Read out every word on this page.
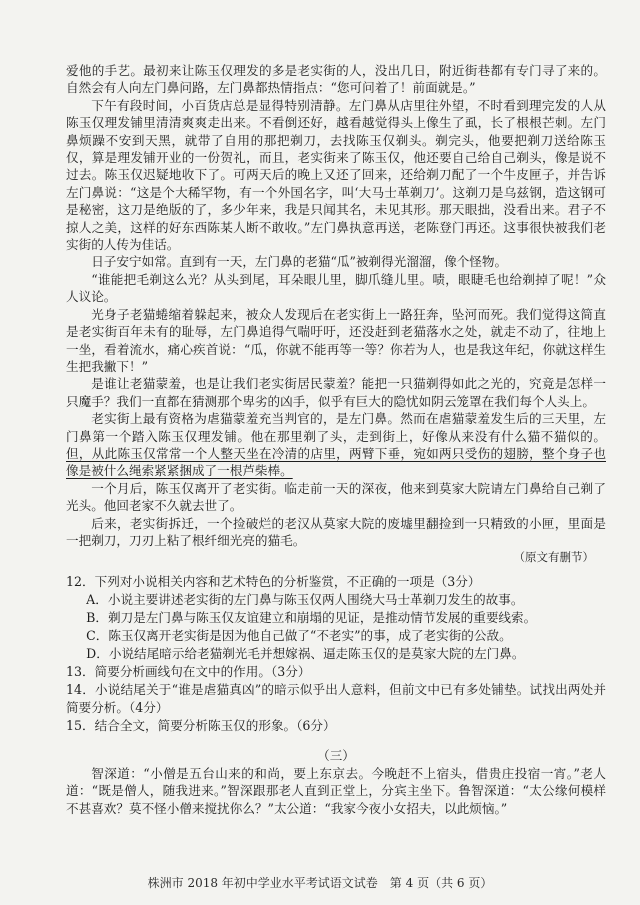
爱他的手艺。最初来让陈玉仅理发的多是老实街的人，没出几日，附近街巷都有专门寻了来的。自然会有人向左门鼻问路，左门鼻都热情指点：“您可问着了！前面就是。”

下午有段时间，小百货店总是显得特别清静。左门鼻从店里往外望，不时看到理完发的人从陈玉仅理发铺里清清爽爽走出来。不看倒还好，越看越觉得头上像生了虱，长了根根芒刺。左门鼻烦躁不安到天黑，就带了自用的那把剃刀，去找陈玉仅剃头。剃完头，他要把剃刀送给陈玉仅，算是理发铺开业的一份贺礼，而且，老实街来了陈玉仅，他还要自己给自己剃头，像是说不过去。陈玉仅迟疑地收下了。可两天后的晚上又还了回来，还给剃刀配了一个牛皮匣子，并告诉左门鼻说：“这是个大稀罕物，有一个外国名字，叫‘大马士革剃刀’。这剃刀是乌兹钢，造这钢可是秘密，这刀是绝版的了，多少年来，我是只闻其名，未见其形。那天眼拙，没看出来。君子不掠人之美，这样的好东西陈某人断不敢收。”左门鼻执意再送，老陈登门再还。这事很快被我们老实街的人传为佳话。

日子安宁如常。直到有一天，左门鼻的老猫“瓜”被剃得光溜溜，像个怪物。

“谁能把毛剃这么光？从头到尾，耳朵眼儿里，脚爪缝儿里。啧，眼睫毛也给剃掉了呢！”众人议论。

光身子老猫蜷缩着躲起来，被众人发现后在老实街上一路狂奔，坠河而死。我们觉得这简直是老实街百年未有的耻辱，左门鼻追得气喘吁吁，还没赶到老猫落水之处，就走不动了，往地上一坐，看着流水，痛心疾首说：“瓜，你就不能再等一等？你若为人，也是我这年纪，你就这样生生把我撇下！”

是谁让老猫蒙羞，也是让我们老实街居民蒙羞？能把一只猫剃得如此之光的，究竟是怎样一只魔手？我们一直都在猜测那个卑劣的凶手，似乎有巨大的隐忧如阴云笼罩在我们每个人头上。

老实街上最有资格为虐猫蒙羞充当判官的，是左门鼻。然而在虐猫蒙羞发生后的三天里，左门鼻第一个踏入陈玉仅理发铺。他在那里剃了头，走到街上，好像从来没有什么猫不猫似的。但，从此陈玉仅常常一个人整天坐在冷清的店里，两臂下垂，宛如两只受伤的翅膀，整个身子也像是被什么绳索紧紧捆成了一根芦柴棒。

一个月后，陈玉仅离开了老实街。临走前一天的深夜，他来到莫家大院请左门鼻给自己剃了光头。他回老家不久就去世了。

后来，老实街拆迁，一个捡破烂的老汉从莫家大院的废墟里翻捡到一只精致的小匣，里面是一把剃刀，刀刃上粘了根纤细光亮的猫毛。

（原文有删节）

12．下列对小说相关内容和艺术特色的分析鉴赏，不正确的一项是（3分）

A．小说主要讲述老实街的左门鼻与陈玉仅两人围绕大马士革剃刀发生的故事。

B．剃刀是左门鼻与陈玉仅友谊建立和崩塌的见证，是推动情节发展的重要线索。

C．陈玉仅离开老实街是因为他自己做了“不老实”的事，成了老实街的公敌。

D．小说结尾暗示给老猫剃光毛并想嫁祸、逼走陈玉仅的是莫家大院的左门鼻。

13．简要分析画线句在文中的作用。（3分）

14．小说结尾关于“谁是虐猫真凶”的暗示似乎出人意料，但前文中已有多处铺垫。试找出两处并简要分析。（4分）

15．结合全文，简要分析陈玉仅的形象。（6分）

（三）

智深道：“小僧是五台山来的和尚，要上东京去。今晚赶不上宿头，借贵庄投宿一宵。”老人道：“既是僧人，随我进来。”智深跟那老人直到正堂上，分宾主坐下。鲁智深道：“太公缘何模样不甚喜欢？莫不怪小僧来搅扰你么？”太公道：“我家今夜小女招夫，以此烦恼。”

株洲市 2018 年初中学业水平考试语文试卷　第 4 页（共 6 页）
